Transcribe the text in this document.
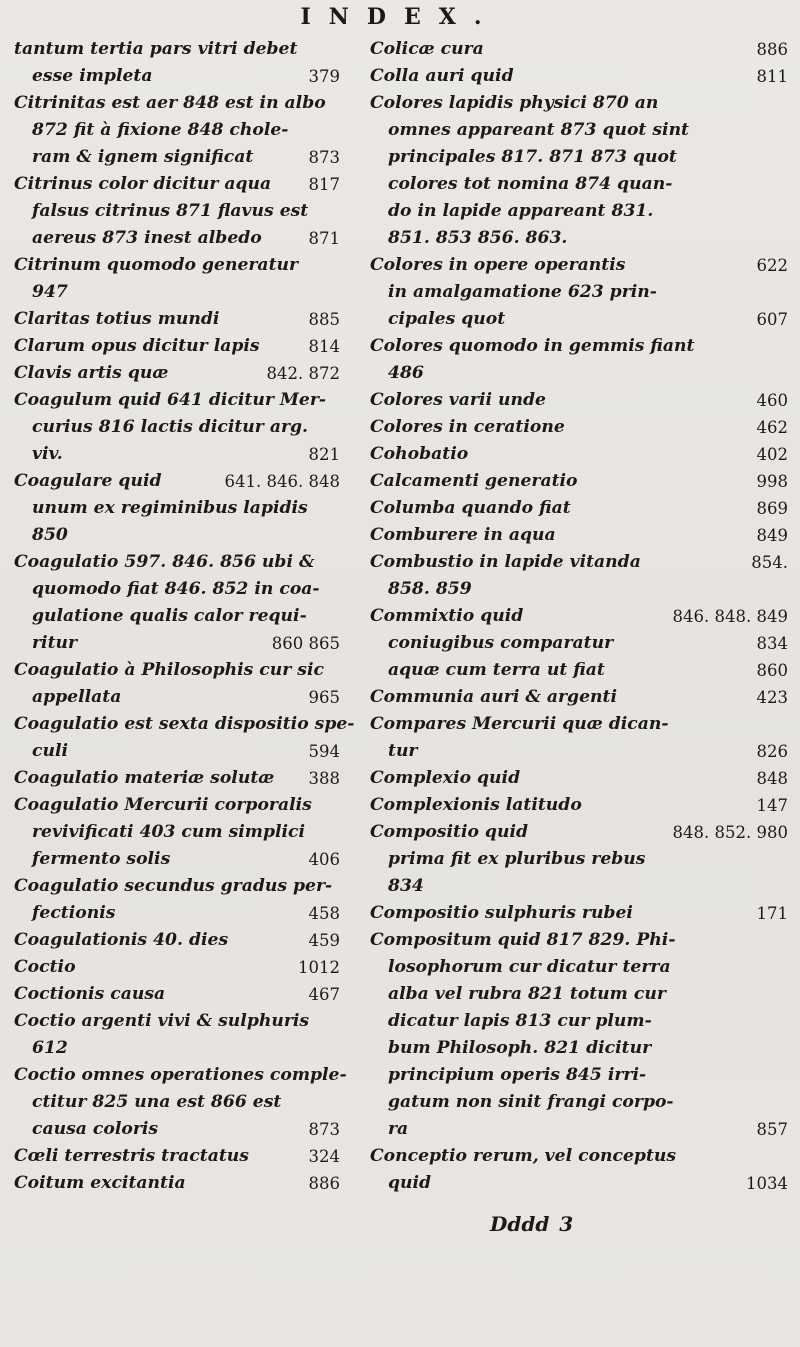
INDEX.
tantum tertia pars vitri debet
esse impleta	379
Citrinitas est aer 848 est in albo
872 fit à fixione 848 chole-
ram & ignem significat	873
Citrinus color dicitur aqua 817
falsus citrinus 871 flavus est
aereus 873 inest albedo	871
Citrinum quomodo generatur
947
Claritas totius mundi	885
Clarum opus dicitur lapis	814
Clavis artis quæ	842. 872
Coagulum quid 641 dicitur Mer-
curius 816 lactis dicitur arg.
viv.	821
Coagulare quid	641. 846. 848
unum ex regiminibus lapidis
850
Coagulatio 597. 846. 856 ubi &
quomodo fiat 846. 852 in coa-
gulatione qualis calor requi-
ritur	860 865
Coagulatio à Philosophis cur sic
appellata	965
Coagulatio est sexta dispositio spe-
culi	594
Coagulatio materiæ solutæ 388
Coagulatio Mercurii corporalis
revivificati 403 cum simplici
fermento solis	406
Coagulatio secundus gradus per-
fectionis	458
Coagulationis 40. dies	459
Coctio	1012
Coctionis causa	467
Coctio argenti vivi & sulphuris
612
Coctio omnes operationes comple-
ctitur 825 una est 866 est
causa coloris	873
Cœli terrestris tractatus	324
Coitum excitantia	886
Colicæ cura	886
Colla auri quid	811
Colores lapidis physici 870 an
omnes appareant 873 quot sint
principales 817. 871 873 quot
colores tot nomina 874 quan-
do in lapide appareant 831.
851. 853 856. 863.
Colores in opere operantis	622
in amalgamatione 623 prin-
cipales quot	607
Colores quomodo in gemmis fiant
486
Colores varii unde	460
Colores in ceratione	462
Cohobatio	402
Calcamenti generatio	998
Columba quando fiat	869
Comburere in aqua	849
Combustio in lapide vitanda	854.
858. 859
Commixtio quid	846. 848. 849
coniugibus comparatur	834
aquæ cum terra ut fiat	860
Communia auri & argenti	423
Compares Mercurii quæ dican-
tur	826
Complexio quid	848
Complexionis latitudo	147
Compositio quid	848. 852. 980
prima fit ex pluribus rebus
834
Compositio sulphuris rubei	171
Compositum quid 817 829. Phi-
losophorum cur dicatur terra
alba vel rubra 821 totum cur
dicatur lapis 813 cur plum-
bum Philosoph. 821 dicitur
principium operis 845 irri-
gatum non sinit frangi corpo-
ra	857
Conceptio rerum, vel conceptus
quid	1034
Dddd 3
